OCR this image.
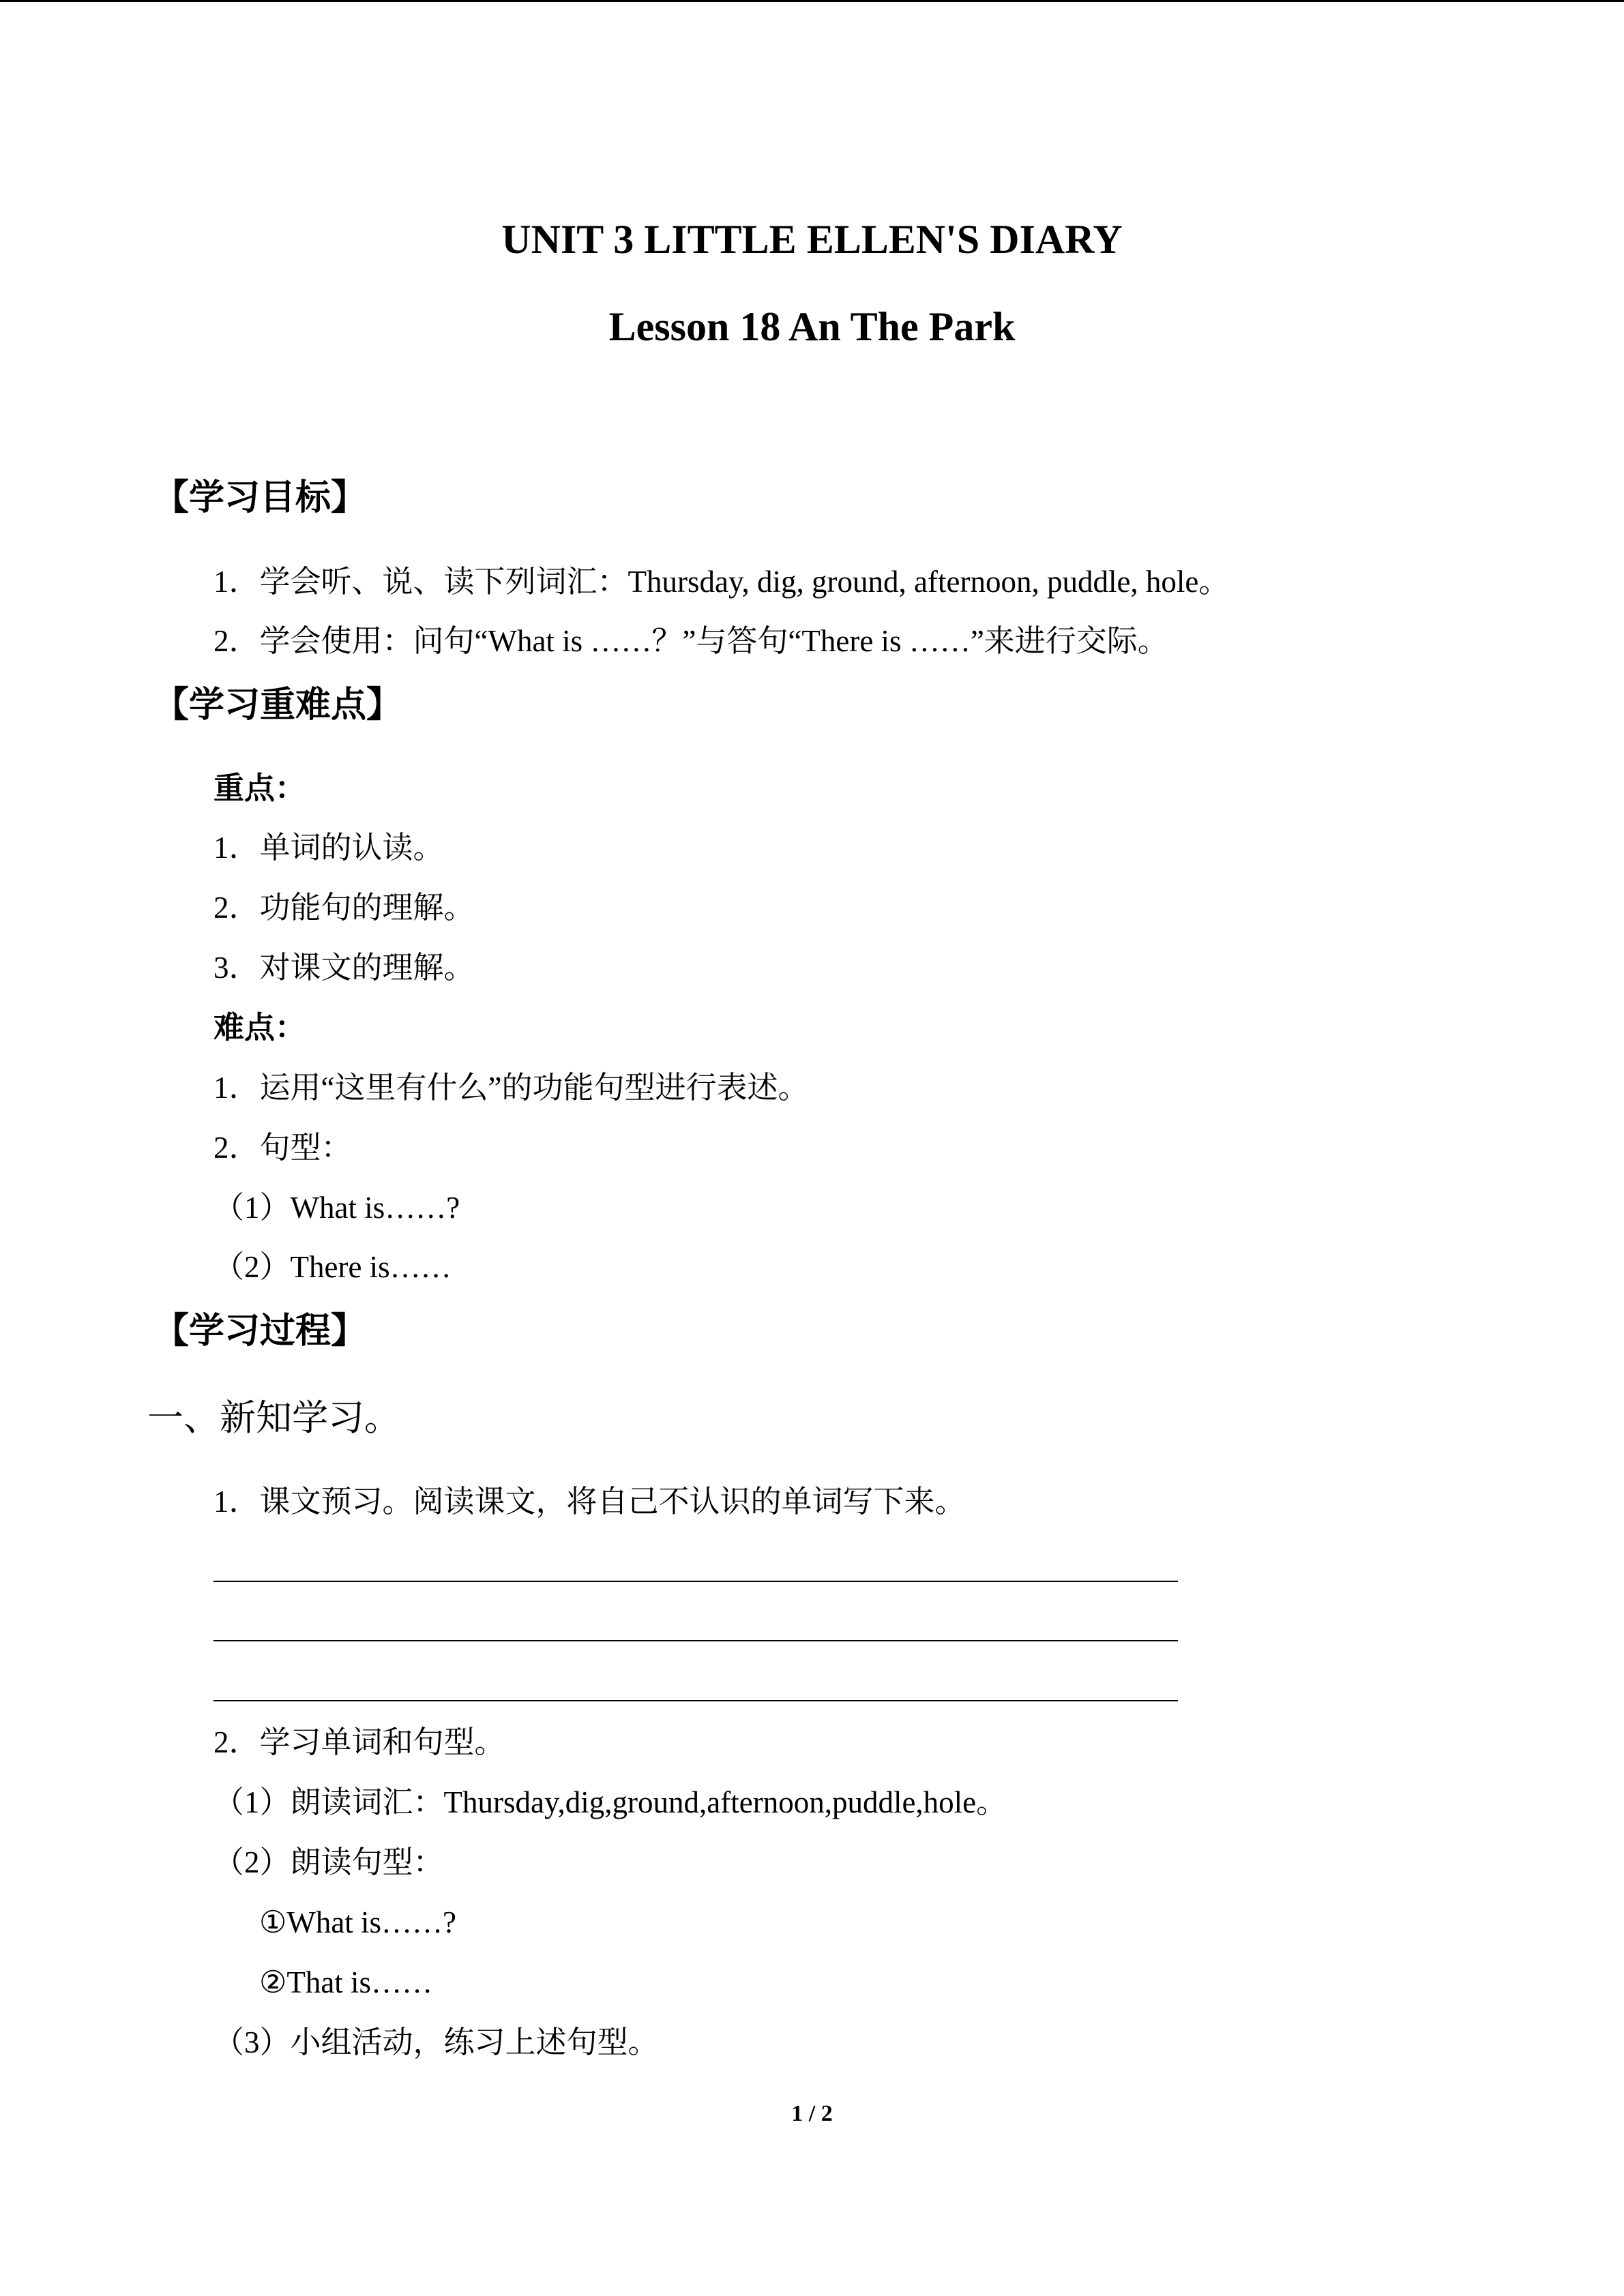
UNIT 3 LITTLE ELLEN'S DIARY
Lesson 18 An The Park
【学习目标】
1．学会听、说、读下列词汇：Thursday, dig, ground, afternoon, puddle, hole。
2．学会使用：问句“What is ……？”与答句“There is ……”来进行交际。
【学习重难点】
重点：
1．单词的认读。
2．功能句的理解。
3．对课文的理解。
难点：
1．运用“这里有什么”的功能句型进行表述。
2．句型：
（1）What is……?
（2）There is……
【学习过程】
一、新知学习。
1．课文预习。阅读课文，将自己不认识的单词写下来。
2．学习单词和句型。
（1）朗读词汇：Thursday,dig,ground,afternoon,puddle,hole。
（2）朗读句型：
①What is……?
②That is……
（3）小组活动，练习上述句型。
1 / 2
